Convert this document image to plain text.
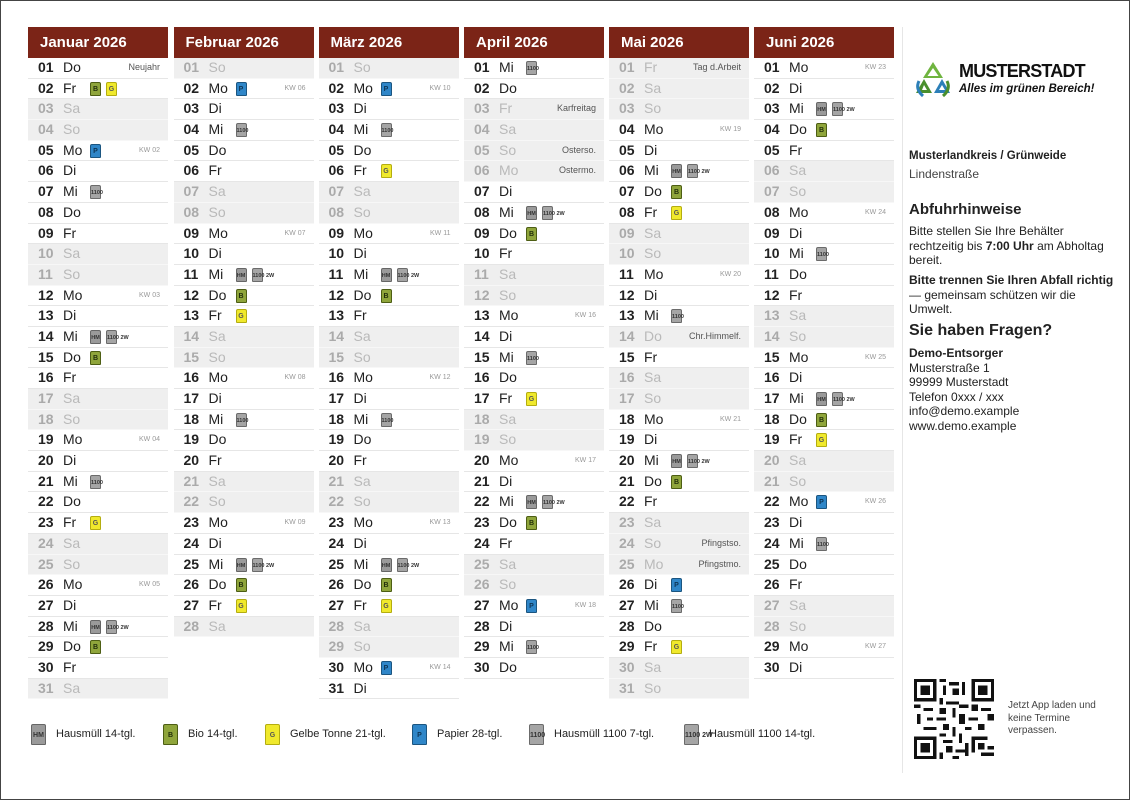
Januar 2026
01 Do	Neujahr
02 Fr	B G
03 Sa
04 So
05 Mo	P	KW 02
06 Di
07 Mi 1100
08 Do
09 Fr
10 Sa
11 So
12 Mo	KW 03
13 Di
14 Mi HM 1100 2W
15 Do	B
16 Fr
17 Sa
18 So
19 Mo	KW 04
20 Di
21 Mi 1100
22 Do
23 Fr	G
24 Sa
25 So
26 Mo	KW 05
27 Di
28 Mi HM 1100 2W
29 Do	B
30 Fr
31 Sa
Februar 2026
01 So
02 Mo	P	KW 06
03 Di
04 Mi 1100
05 Do
06 Fr
07 Sa
08 So
09 Mo	KW 07
10 Di
11 Mi HM 1100 2W
12 Do	B
13 Fr	G
14 Sa
15 So
16 Mo	KW 08
17 Di
18 Mi 1100
19 Do
20 Fr
21 Sa
22 So
23 Mo	KW 09
24 Di
25 Mi HM 1100 2W
26 Do	B
27 Fr	G
28 Sa
März 2026
01 So
02 Mo	P	KW 10
03 Di
04 Mi 1100
05 Do
06 Fr	G
07 Sa
08 So
09 Mo	KW 11
10 Di
11 Mi HM 1100 2W
12 Do	B
13 Fr
14 Sa
15 So
16 Mo	KW 12
17 Di
18 Mi 1100
19 Do
20 Fr
21 Sa
22 So
23 Mo	KW 13
24 Di
25 Mi HM 1100 2W
26 Do	B
27 Fr	G
28 Sa
29 So
30 Mo	P	KW 14
31 Di
April 2026
01 Mi 1100
02 Do
03 Fr	Karfreitag
04 Sa
05 So	Osterso.
06 Mo	Ostermo.
07 Di
08 Mi HM 1100 2W
09 Do	B
10 Fr
11 Sa
12 So
13 Mo	KW 16
14 Di
15 Mi 1100
16 Do
17 Fr	G
18 Sa
19 So
20 Mo	KW 17
21 Di
22 Mi HM 1100 2W
23 Do	B
24 Fr
25 Sa
26 So
27 Mo	P	KW 18
28 Di
29 Mi 1100
30 Do
Mai 2026
01 Fr	Tag d.Arbeit
02 Sa
03 So
04 Mo	KW 19
05 Di
06 Mi HM 1100 2W
07 Do	B
08 Fr	G
09 Sa
10 So
11 Mo	KW 20
12 Di
13 Mi 1100
14 Do	Chr.Himmelf.
15 Fr
16 Sa
17 So
18 Mo	KW 21
19 Di
20 Mi HM 1100 2W
21 Do	B
22 Fr
23 Sa
24 So	Pfingstso.
25 Mo	Pfingstmo.
26 Di	P
27 Mi 1100
28 Do
29 Fr	G
30 Sa
31 So
Juni 2026
01 Mo	KW 23
02 Di
03 Mi HM 1100 2W
04 Do	B
05 Fr
06 Sa
07 So
08 Mo	KW 24
09 Di
10 Mi 1100
11 Do
12 Fr
13 Sa
14 So
15 Mo	KW 25
16 Di
17 Mi HM 1100 2W
18 Do	B
19 Fr	G
20 Sa
21 So
22 Mo	P	KW 26
23 Di
24 Mi 1100
25 Do
26 Fr
27 Sa
28 So
29 Mo	KW 27
30 Di
HM Hausmüll 14-tgl.	B Bio 14-tgl.	G Gelbe Tonne 21-tgl.	P Papier 28-tgl.	1100 Hausmüll 1100 7-tgl.	1100 2WHausmüll 1100 14-tgl.
MUSTERSTADT
Alles im grünen Bereich!
Musterlandkreis / Grünweide
Lindenstraße
Abfuhrhinweise
Bitte stellen Sie Ihre Behälter rechtzeitig bis 7:00 Uhr am Abholtag bereit.
Bitte trennen Sie Ihren Abfall richtig — gemeinsam schützen wir die Umwelt.
Sie haben Fragen?
Demo-Entsorger
Musterstraße 1
99999 Musterstadt
Telefon 0xxx / xxx
info@demo.example
www.demo.example
Jetzt App laden und keine Termine verpassen.
